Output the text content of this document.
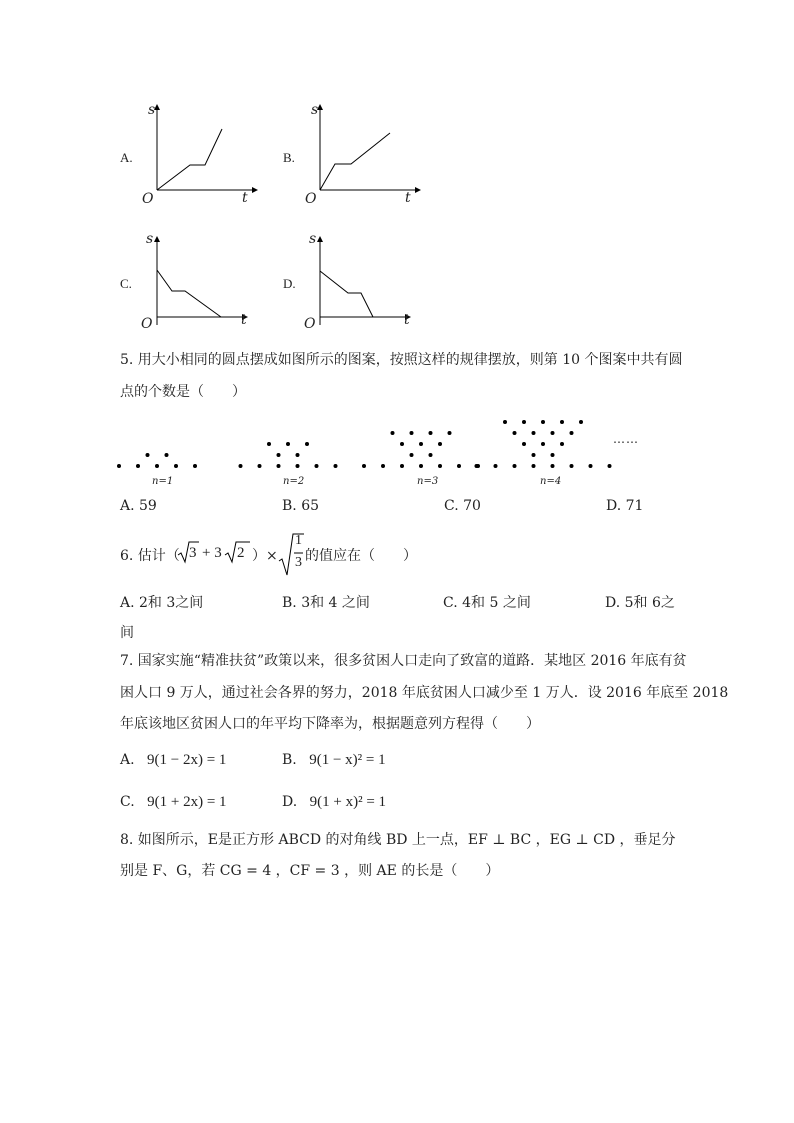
A.
s
O	t
B.
s
O	t
C.
s
O	t
D.
s
O	t
5. 用大小相同的圆点摆成如图所示的图案，按照这样的规律摆放，则第 10 个图案中共有圆
点的个数是（　　）
n=1	n=2	n=3	n=4
……
A. 59	B. 65	C. 70	D. 71
6. 估计（ 3 + 3 2 ）×
1
3 的值应在（　　）
A. 2和 3之间	B. 3和 4 之间	C. 4和 5 之间	D. 5和 6之
间
7. 国家实施“精准扶贫”政策以来，很多贫困人口走向了致富的道路．某地区 2016 年底有贫
困人口 9 万人，通过社会各界的努力，2018 年底贫困人口减少至 1 万人．设 2016 年底至 2018
年底该地区贫困人口的年平均下降率为，根据题意列方程得（　　）
A. 9(1 − 2x) = 1	B. 9(1 − x)² = 1
C. 9(1 + 2x) = 1	D. 9(1 + x)² = 1
8. 如图所示，E是正方形 ABCD 的对角线 BD 上一点，EF ⊥ BC ，EG ⊥ CD ，垂足分
别是 F、G，若 CG = 4 ，CF = 3 ，则 AE 的长是（　　）
